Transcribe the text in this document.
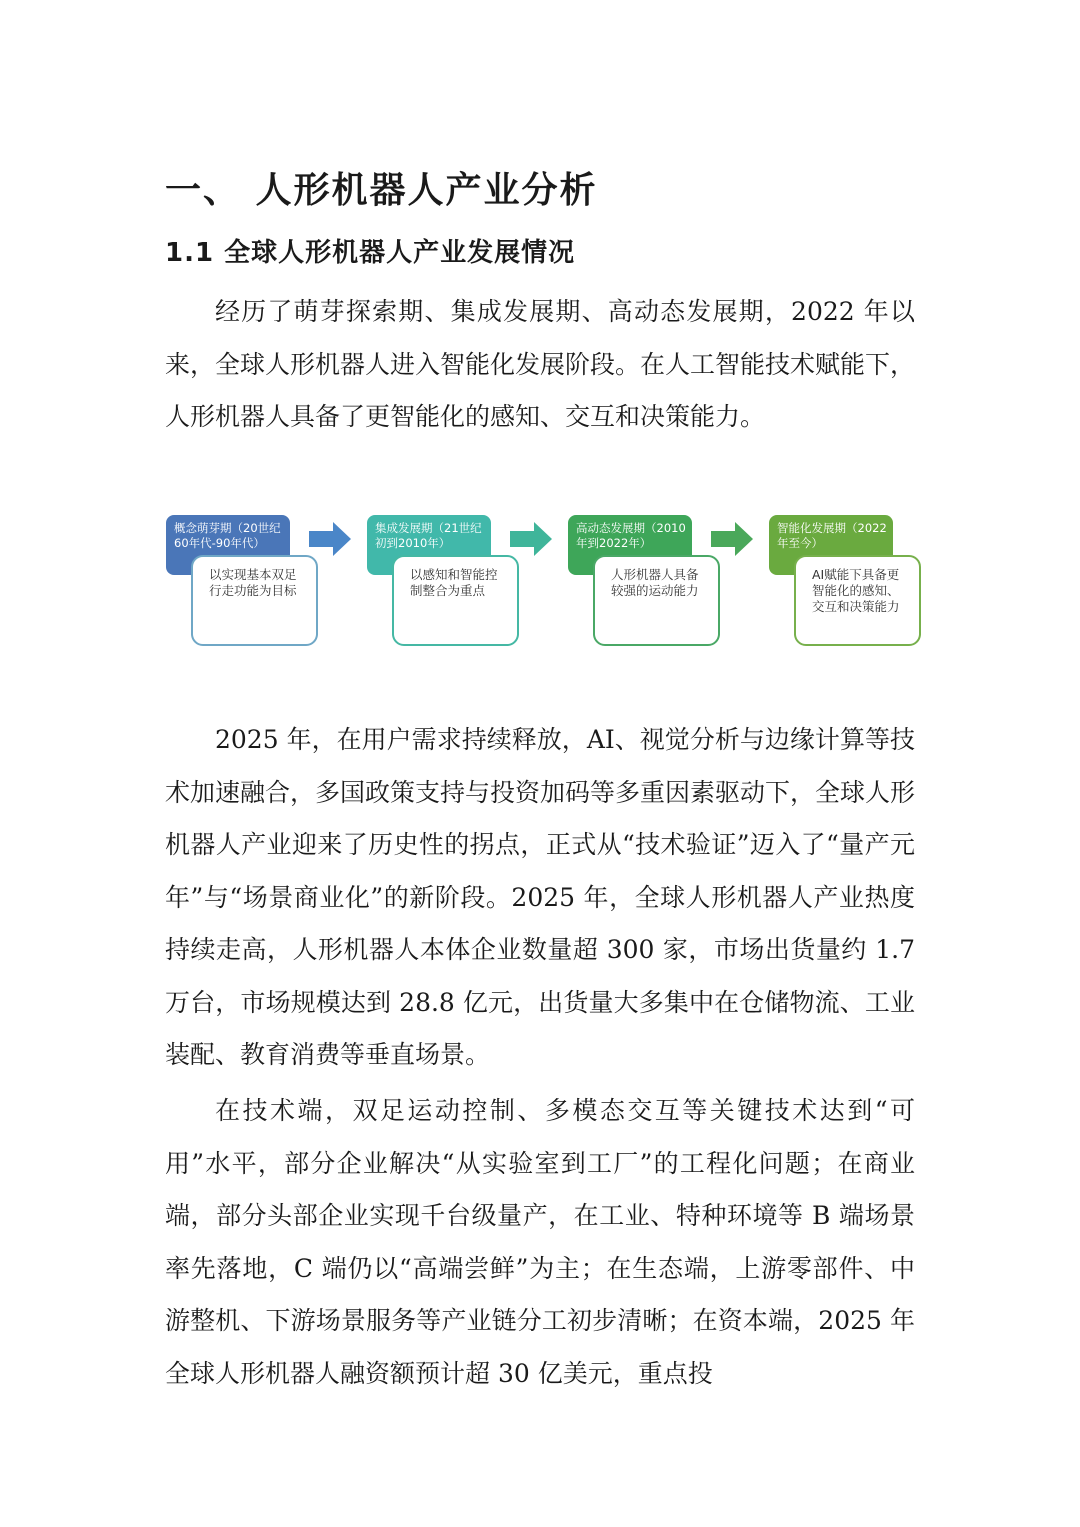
一、 人形机器人产业分析
1.1 全球人形机器人产业发展情况

经历了萌芽探索期、集成发展期、高动态发展期，2022 年以来，全球人形机器人进入智能化发展阶段。在人工智能技术赋能下，人形机器人具备了更智能化的感知、交互和决策能力。

概念萌芽期（20世纪60年代-90年代）
以实现基本双足行走功能为目标
集成发展期（21世纪初到2010年）
以感知和智能控制整合为重点
高动态发展期（2010年到2022年）
人形机器人具备较强的运动能力
智能化发展期（2022年至今）
AI赋能下具备更智能化的感知、交互和决策能力

2025 年，在用户需求持续释放，AI、视觉分析与边缘计算等技术加速融合，多国政策支持与投资加码等多重因素驱动下，全球人形机器人产业迎来了历史性的拐点，正式从“技术验证”迈入了“量产元年”与“场景商业化”的新阶段。2025 年，全球人形机器人产业热度持续走高，人形机器人本体企业数量超 300 家，市场出货量约 1.7 万台，市场规模达到 28.8 亿元，出货量大多集中在仓储物流、工业装配、教育消费等垂直场景。

在技术端，双足运动控制、多模态交互等关键技术达到“可用”水平，部分企业解决“从实验室到工厂”的工程化问题；在商业端，部分头部企业实现千台级量产，在工业、特种环境等 B 端场景率先落地，C 端仍以“高端尝鲜”为主；在生态端，上游零部件、中游整机、下游场景服务等产业链分工初步清晰；在资本端，2025 年全球人形机器人融资额预计超 30 亿美元，重点投
